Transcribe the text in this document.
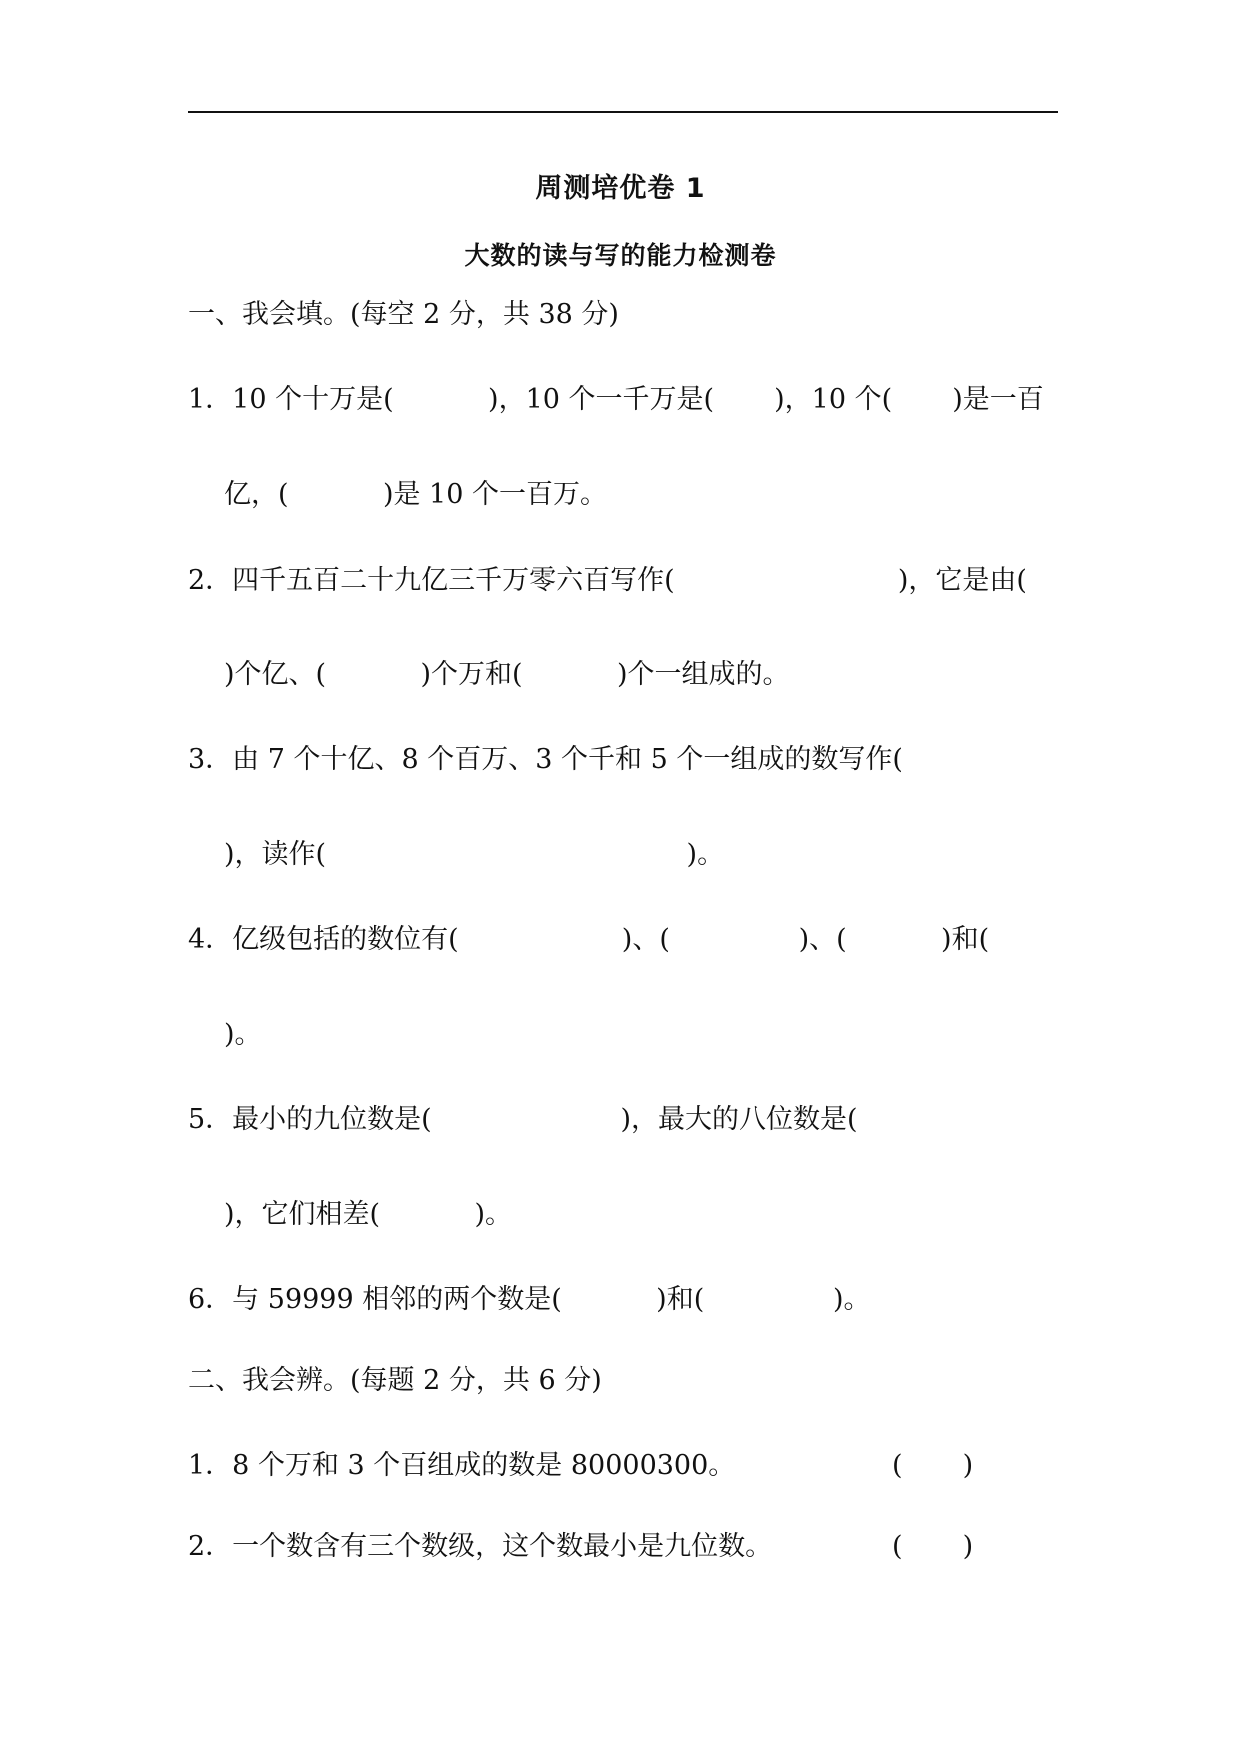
周测培优卷 1
大数的读与写的能力检测卷
一、我会填。(每空 2 分，共 38 分)
1．10 个十万是(           )，10 个一千万是(       )，10 个(       )是一百
亿，(           )是 10 个一百万。
2．四千五百二十九亿三千万零六百写作(                          )，它是由(
)个亿、(           )个万和(           )个一组成的。
3．由 7 个十亿、8 个百万、3 个千和 5 个一组成的数写作(
)，读作(                                          )。
4．亿级包括的数位有(                   )、(               )、(           )和(
)。
5．最小的九位数是(                      )，最大的八位数是(
)，它们相差(           )。
6．与 59999 相邻的两个数是(           )和(               )。
二、我会辨。(每题 2 分，共 6 分)
1．8 个万和 3 个百组成的数是 80000300。	(       )
2．一个数含有三个数级，这个数最小是九位数。	(       )
